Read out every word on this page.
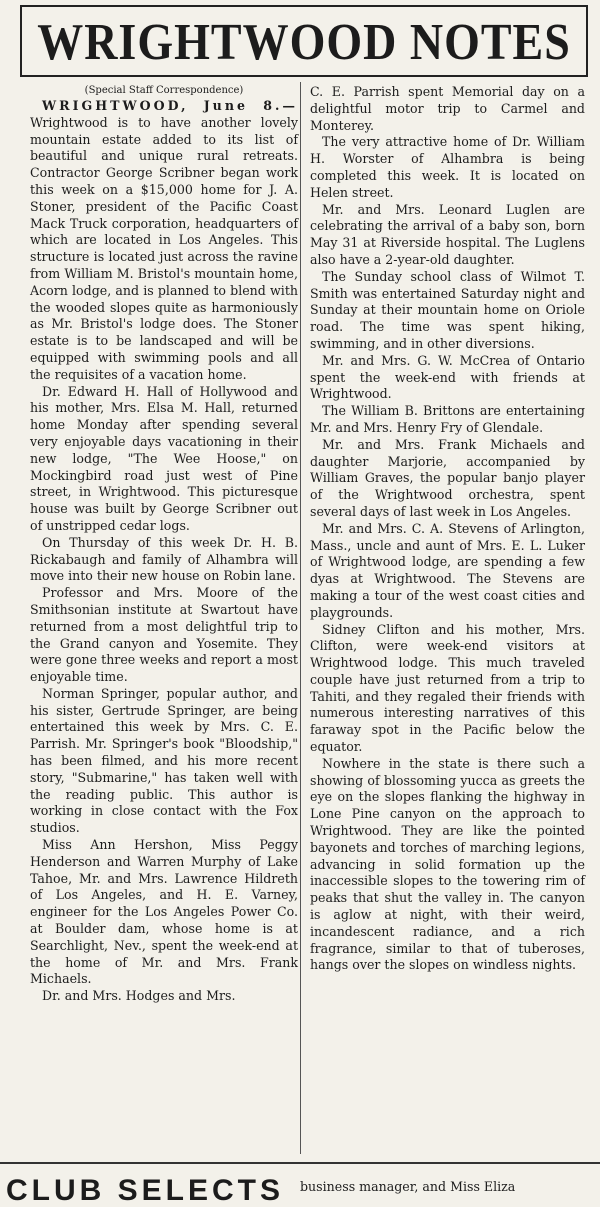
WRIGHTWOOD NOTES

(Special Staff Correspondence)

WRIGHTWOOD, June 8.— Wrightwood is to have another lovely mountain estate added to its list of beautiful and unique rural retreats. Contractor George Scribner began work this week on a $15,000 home for J. A. Stoner, president of the Pacific Coast Mack Truck corporation, headquarters of which are located in Los Angeles. This structure is located just across the ravine from William M. Bristol's mountain home, Acorn lodge, and is planned to blend with the wooded slopes quite as harmoniously as Mr. Bristol's lodge does. The Stoner estate is to be landscaped and will be equipped with swimming pools and all the requisites of a vacation home.

Dr. Edward H. Hall of Hollywood and his mother, Mrs. Elsa M. Hall, returned home Monday after spending several very enjoyable days vacationing in their new lodge, "The Wee Hoose," on Mockingbird road just west of Pine street, in Wrightwood. This picturesque house was built by George Scribner out of unstripped cedar logs.

On Thursday of this week Dr. H. B. Rickabaugh and family of Alhambra will move into their new house on Robin lane.

Professor and Mrs. Moore of the Smithsonian institute at Swartout have returned from a most delightful trip to the Grand canyon and Yosemite. They were gone three weeks and report a most enjoyable time.

Norman Springer, popular author, and his sister, Gertrude Springer, are being entertained this week by Mrs. C. E. Parrish. Mr. Springer's book "Bloodship," has been filmed, and his more recent story, "Submarine," has taken well with the reading public. This author is working in close contact with the Fox studios.

Miss Ann Hershon, Miss Peggy Henderson and Warren Murphy of Lake Tahoe, Mr. and Mrs. Lawrence Hildreth of Los Angeles, and H. E. Varney, engineer for the Los Angeles Power Co. at Boulder dam, whose home is at Searchlight, Nev., spent the week-end at the home of Mr. and Mrs. Frank Michaels.

Dr. and Mrs. Hodges and Mrs.

C. E. Parrish spent Memorial day on a delightful motor trip to Carmel and Monterey.

The very attractive home of Dr. William H. Worster of Alhambra is being completed this week. It is located on Helen street.

Mr. and Mrs. Leonard Luglen are celebrating the arrival of a baby son, born May 31 at Riverside hospital. The Luglens also have a 2-year-old daughter.

The Sunday school class of Wilmot T. Smith was entertained Saturday night and Sunday at their mountain home on Oriole road. The time was spent hiking, swimming, and in other diversions.

Mr. and Mrs. G. W. McCrea of Ontario spent the week-end with friends at Wrightwood.

The William B. Brittons are entertaining Mr. and Mrs. Henry Fry of Glendale.

Mr. and Mrs. Frank Michaels and daughter Marjorie, accompanied by William Graves, the popular banjo player of the Wrightwood orchestra, spent several days of last week in Los Angeles.

Mr. and Mrs. C. A. Stevens of Arlington, Mass., uncle and aunt of Mrs. E. L. Luker of Wrightwood lodge, are spending a few dyas at Wrightwood. The Stevens are making a tour of the west coast cities and playgrounds.

Sidney Clifton and his mother, Mrs. Clifton, were week-end visitors at Wrightwood lodge. This much traveled couple have just returned from a trip to Tahiti, and they regaled their friends with numerous interesting narratives of this faraway spot in the Pacific below the equator.

Nowhere in the state is there such a showing of blossoming yucca as greets the eye on the slopes flanking the highway in Lone Pine canyon on the approach to Wrightwood. They are like the pointed bayonets and torches of marching legions, advancing in solid formation up the inaccessible slopes to the towering rim of peaks that shut the valley in. The canyon is aglow at night, with their weird, incandescent radiance, and a rich fragrance, similar to that of tuberoses, hangs over the slopes on windless nights.

CLUB SELECTS business manager, and Miss Eliza
